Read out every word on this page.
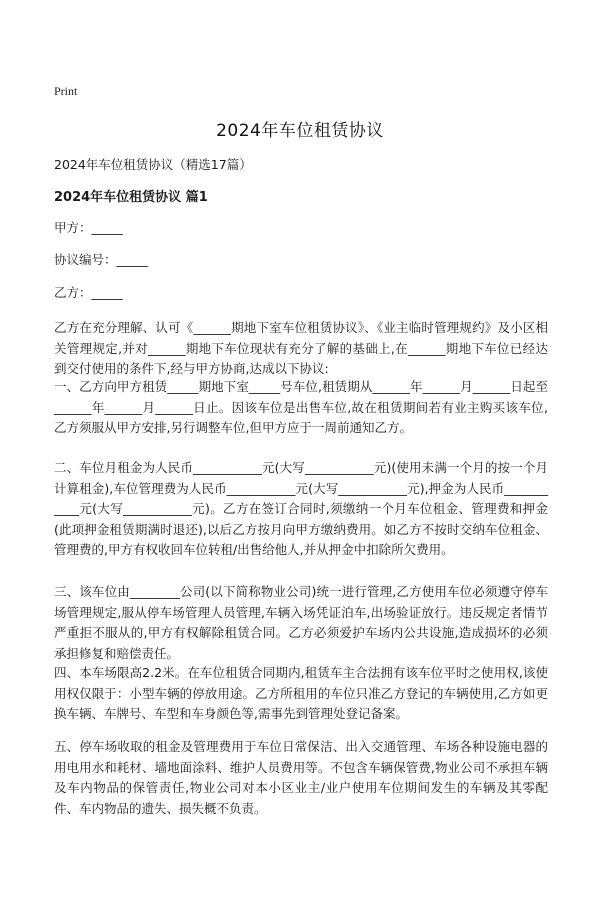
Print
2024年车位租赁协议
2024年车位租赁协议（精选17篇）
2024年车位租赁协议 篇1
甲方：_____
协议编号：_____
乙方：_____
乙方在充分理解、认可《______期地下室车位租赁协议》、《业主临时管理规约》及小区相关管理规定,并对______期地下车位现状有充分了解的基础上,在______期地下车位已经达到交付使用的条件下,经与甲方协商,达成以下协议:
一、乙方向甲方租赁_____期地下室_____号车位,租赁期从______年______月______日起至______年______月______日止。因该车位是出售车位,故在租赁期间若有业主购买该车位,乙方须服从甲方安排,另行调整车位,但甲方应于一周前通知乙方。
二、车位月租金为人民币___________元(大写___________元)(使用未满一个月的按一个月计算租金),车位管理费为人民币___________元(大写___________元),押金为人民币___________元(大写___________元)。乙方在签订合同时,须缴纳一个月车位租金、管理费和押金(此项押金租赁期满时退还),以后乙方按月向甲方缴纳费用。如乙方不按时交纳车位租金、管理费的,甲方有权收回车位转租/出售给他人,并从押金中扣除所欠费用。
三、该车位由________公司(以下简称物业公司)统一进行管理,乙方使用车位必须遵守停车场管理规定,服从停车场管理人员管理,车辆入场凭证泊车,出场验证放行。违反规定者情节严重拒不服从的,甲方有权解除租赁合同。乙方必须爱护车场内公共设施,造成损坏的必须承担修复和赔偿责任。
四、本车场限高2.2米。在车位租赁合同期内,租赁车主合法拥有该车位平时之使用权,该使用权仅限于：小型车辆的停放用途。乙方所租用的车位只准乙方登记的车辆使用,乙方如更换车辆、车牌号、车型和车身颜色等,需事先到管理处登记备案。
五、停车场收取的租金及管理费用于车位日常保洁、出入交通管理、车场各种设施电器的用电用水和耗材、墙地面涂料、维护人员费用等。不包含车辆保管费,物业公司不承担车辆及车内物品的保管责任,物业公司对本小区业主/业户使用车位期间发生的车辆及其零配件、车内物品的遗失、损失概不负责。
